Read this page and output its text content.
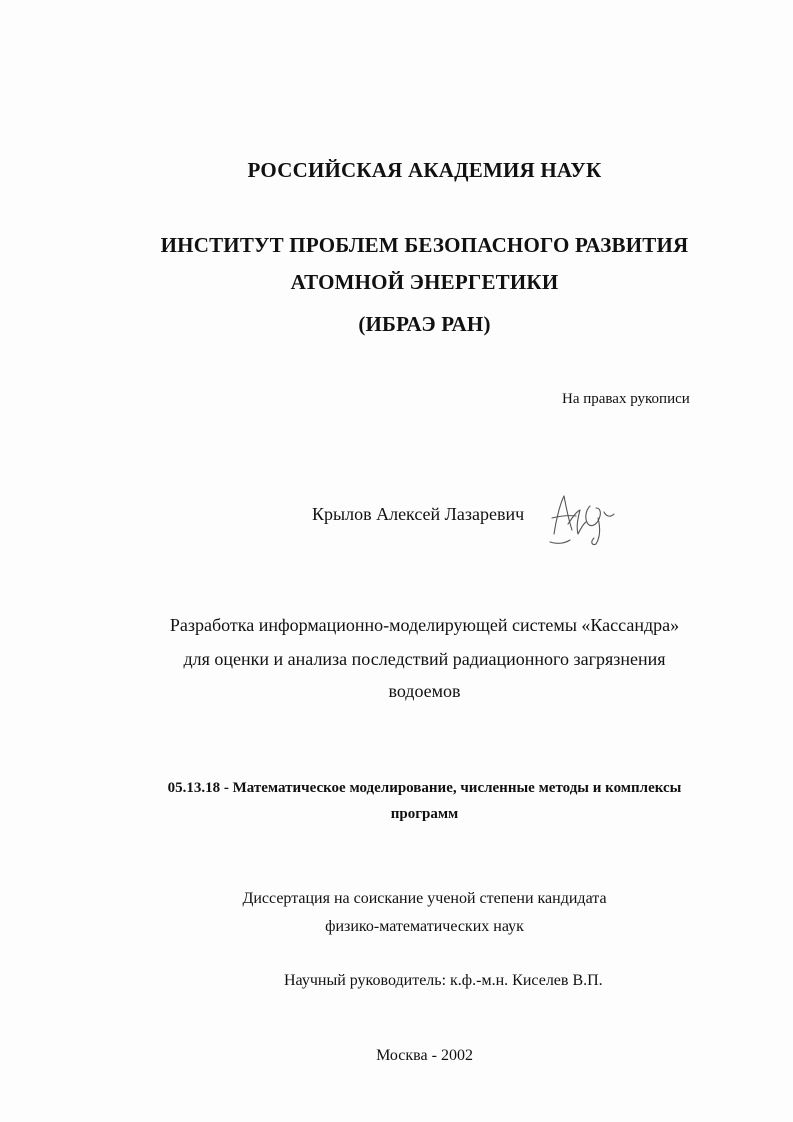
РОССИЙСКАЯ АКАДЕМИЯ НАУК
ИНСТИТУТ ПРОБЛЕМ БЕЗОПАСНОГО РАЗВИТИЯ
АТОМНОЙ ЭНЕРГЕТИКИ
(ИБРАЭ РАН)
На правах рукописи
Крылов Алексей Лазаревич
Разработка информационно-моделирующей системы «Кассандра»
для оценки и анализа последствий радиационного загрязнения
водоемов
05.13.18 - Математическое моделирование, численные методы и комплексы
программ
Диссертация на соискание ученой степени кандидата
физико-математических наук
Научный руководитель: к.ф.-м.н. Киселев В.П.
Москва - 2002
